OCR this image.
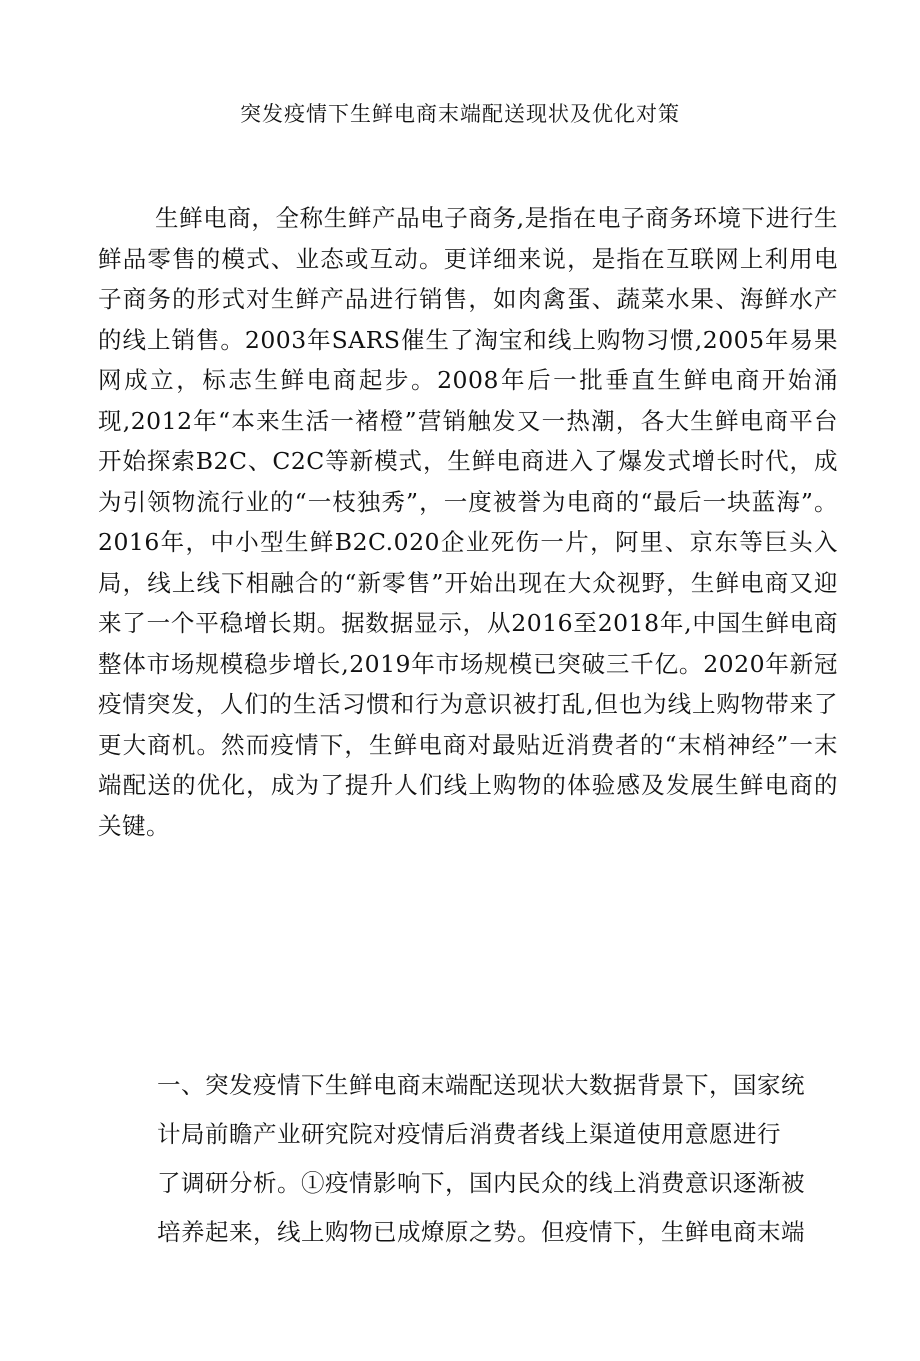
突发疫情下生鲜电商末端配送现状及优化对策

生鲜电商，全称生鲜产品电子商务,是指在电子商务环境下进行生鲜品零售的模式、业态或互动。更详细来说，是指在互联网上利用电子商务的形式对生鲜产品进行销售，如肉禽蛋、蔬菜水果、海鲜水产的线上销售。2003年SARS催生了淘宝和线上购物习惯,2005年易果网成立，标志生鲜电商起步。2008年后一批垂直生鲜电商开始涌现,2012年“本来生活一褚橙”营销触发又一热潮，各大生鲜电商平台开始探索B2C、C2C等新模式，生鲜电商进入了爆发式增长时代，成为引领物流行业的“一枝独秀”，一度被誉为电商的“最后一块蓝海”。2016年，中小型生鲜B2C.020企业死伤一片，阿里、京东等巨头入局，线上线下相融合的“新零售”开始出现在大众视野，生鲜电商又迎来了一个平稳增长期。据数据显示，从2016至2018年,中国生鲜电商整体市场规模稳步增长,2019年市场规模已突破三千亿。2020年新冠疫情突发，人们的生活习惯和行为意识被打乱,但也为线上购物带来了更大商机。然而疫情下，生鲜电商对最贴近消费者的“末梢神经”一末端配送的优化，成为了提升人们线上购物的体验感及发展生鲜电商的关键。

一、突发疫情下生鲜电商末端配送现状大数据背景下，国家统
计局前瞻产业研究院对疫情后消费者线上渠道使用意愿进行
了调研分析。①疫情影响下，国内民众的线上消费意识逐渐被
培养起来，线上购物已成燎原之势。但疫情下，生鲜电商末端
